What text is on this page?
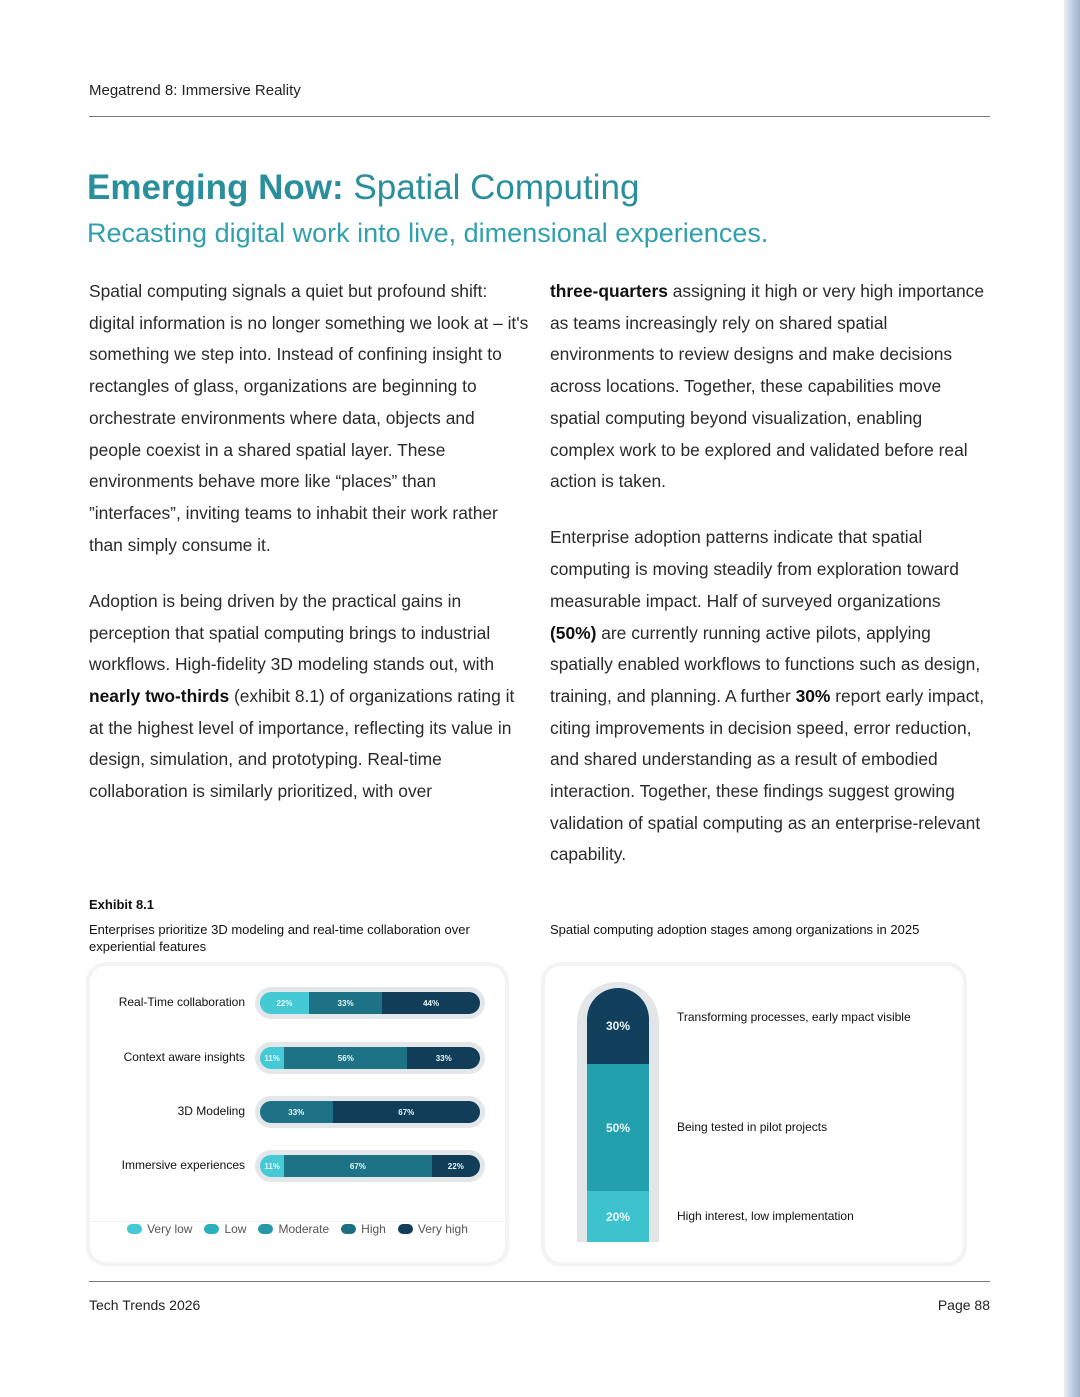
Megatrend 8: Immersive Reality
Emerging Now: Spatial Computing
Recasting digital work into live, dimensional experiences.

Spatial computing signals a quiet but profound shift: digital information is no longer something we look at – it's something we step into. Instead of confining insight to rectangles of glass, organizations are beginning to orchestrate environments where data, objects and people coexist in a shared spatial layer. These environments behave more like “places” than ”interfaces”, inviting teams to inhabit their work rather than simply consume it.

Adoption is being driven by the practical gains in perception that spatial computing brings to industrial workflows. High-fidelity 3D modeling stands out, with nearly two-thirds (exhibit 8.1) of organizations rating it at the highest level of importance, reflecting its value in design, simulation, and prototyping. Real-time collaboration is similarly prioritized, with over

three-quarters assigning it high or very high importance as teams increasingly rely on shared spatial environments to review designs and make decisions across locations. Together, these capabilities move spatial computing beyond visualization, enabling complex work to be explored and validated before real action is taken.

Enterprise adoption patterns indicate that spatial computing is moving steadily from exploration toward measurable impact. Half of surveyed organizations (50%) are currently running active pilots, applying spatially enabled workflows to functions such as design, training, and planning. A further 30% report early impact, citing improvements in decision speed, error reduction, and shared understanding as a result of embodied interaction. Together, these findings suggest growing validation of spatial computing as an enterprise-relevant capability.

Exhibit 8.1
Enterprises prioritize 3D modeling and real-time collaboration over experiential features
Spatial computing adoption stages among organizations in 2025
Very low	Low	Moderate	High	Very high
Real-Time collaboration	22%	33%	44%
Context aware insights	11%	56%	33%
3D Modeling	33%	67%
Immersive experiences	11%	67%	22%
30%
50%
20%
Transforming processes, early mpact visible
Being tested in pilot projects
High interest, low implementation
Tech Trends 2026	Page 88
